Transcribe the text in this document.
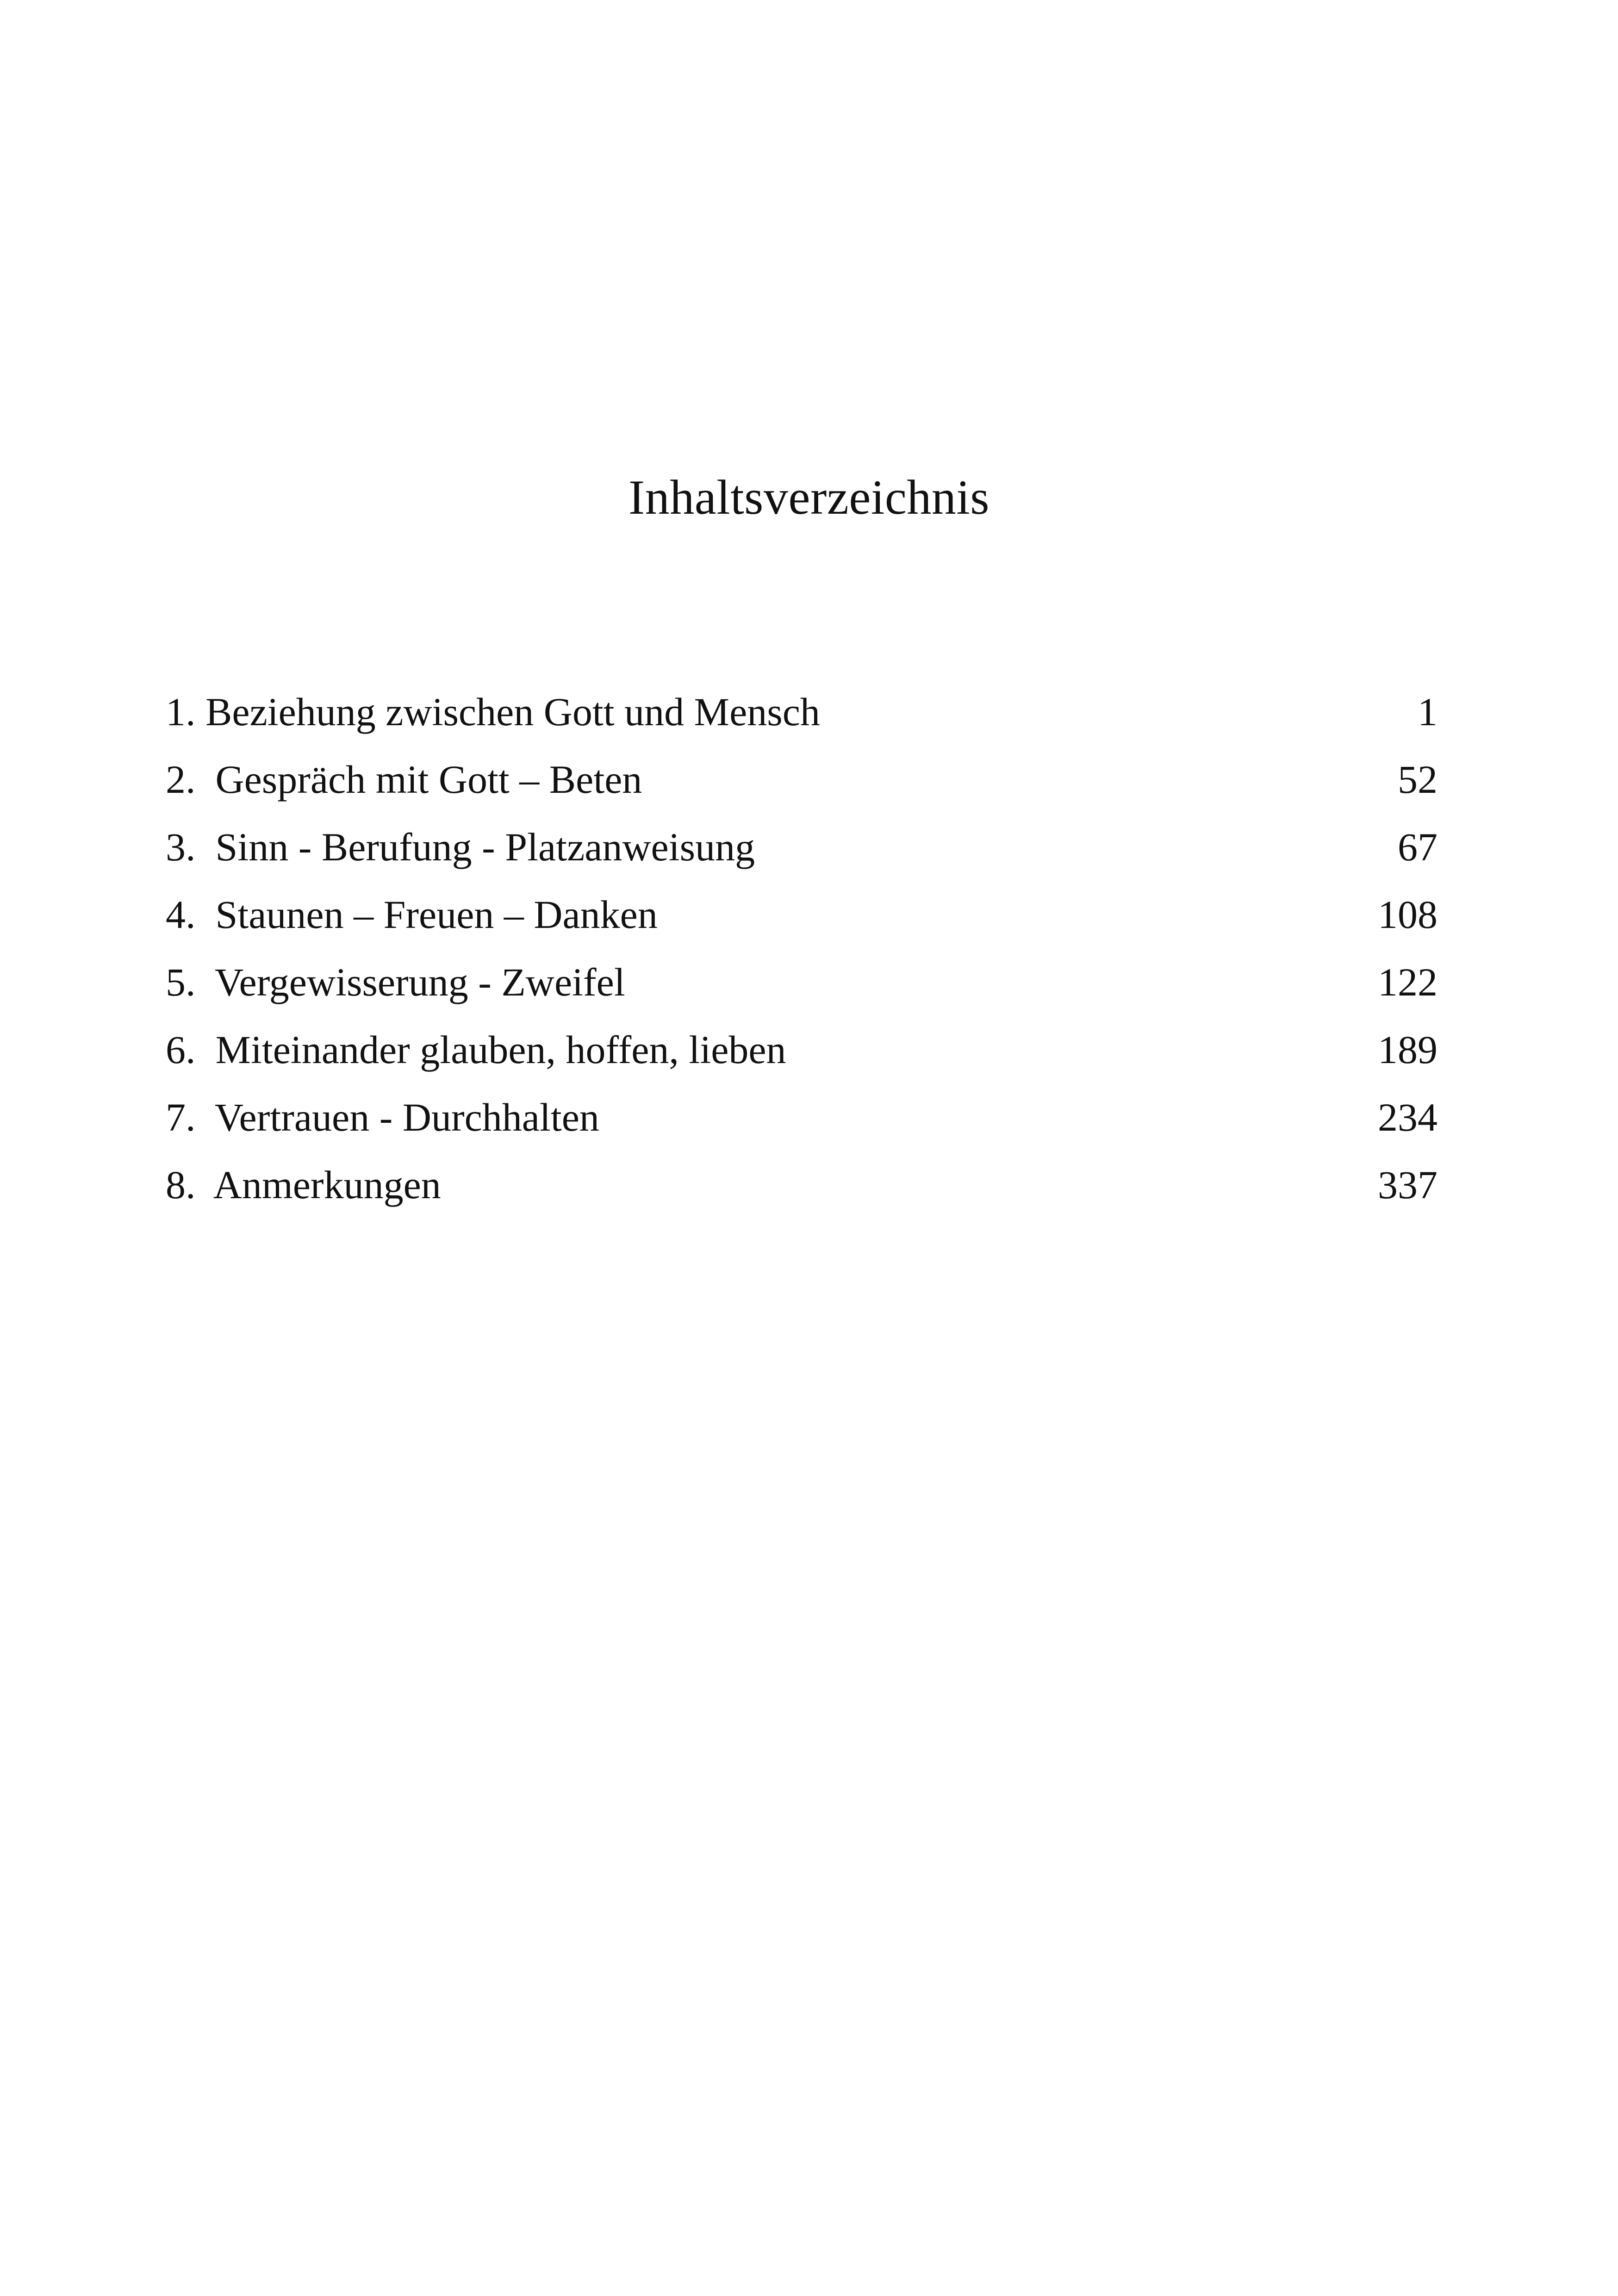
Inhaltsverzeichnis
1. Beziehung zwischen Gott und Mensch	1
2.  Gespräch mit Gott – Beten	52
3.  Sinn - Berufung - Platzanweisung	67
4.  Staunen – Freuen – Danken	108
5.  Vergewisserung - Zweifel	122
6.  Miteinander glauben, hoffen, lieben	189
7.  Vertrauen - Durchhalten	234
8.  Anmerkungen	337
